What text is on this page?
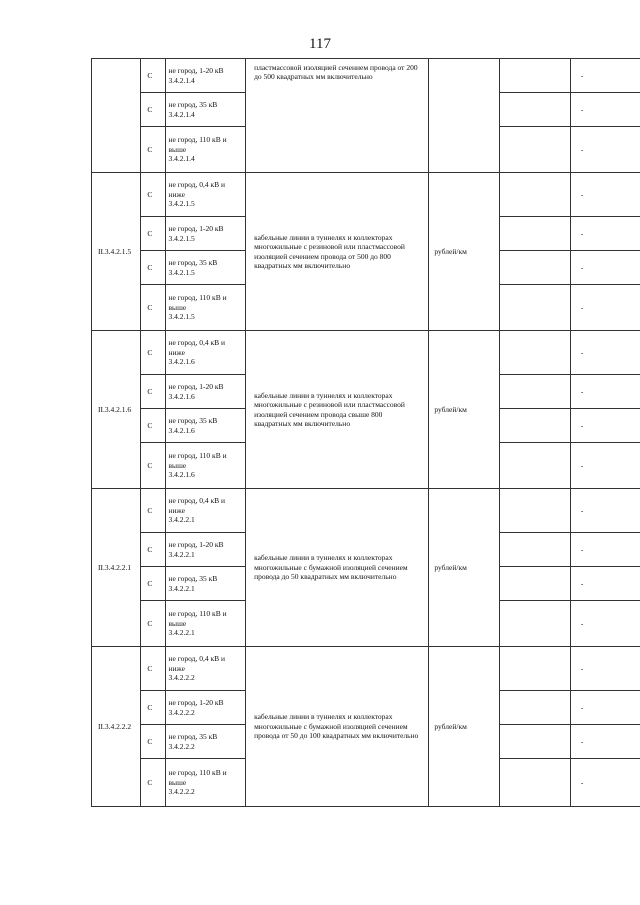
117
	С	не город, 1-20 кВ
3.4.2.1.4	пластмассовой изоляцией сечением провода от 200 до 500 квадратных мм включительно		-
	С	не город, 35 кВ
3.4.2.1.4			-
	С	не город, 110 кВ и
выше
3.4.2.1.4			-
II.3.4.2.1.5	С	не город, 0,4 кВ и
ниже
3.4.2.1.5	кабельные линии в туннелях и коллекторах многожильные с резиновой или пластмассовой изоляцией сечением провода от 500 до 800 квадратных мм включительно	рублей/км	-
	С	не город, 1-20 кВ
3.4.2.1.5			-
	С	не город, 35 кВ
3.4.2.1.5			-
	С	не город, 110 кВ и
выше
3.4.2.1.5			-
II.3.4.2.1.6	С	не город, 0,4 кВ и
ниже
3.4.2.1.6	кабельные линии в туннелях и коллекторах многожильные с резиновой или пластмассовой изоляцией сечением провода свыше 800 квадратных мм включительно	рублей/км	-
	С	не город, 1-20 кВ
3.4.2.1.6			-
	С	не город, 35 кВ
3.4.2.1.6			-
	С	не город, 110 кВ и
выше
3.4.2.1.6			-
II.3.4.2.2.1	С	не город, 0,4 кВ и
ниже
3.4.2.2.1	кабельные линии в туннелях и коллекторах многожильные с бумажной изоляцией сечением провода до 50 квадратных мм включительно	рублей/км	-
	С	не город, 1-20 кВ
3.4.2.2.1			-
	С	не город, 35 кВ
3.4.2.2.1			-
	С	не город, 110 кВ и
выше
3.4.2.2.1			-
II.3.4.2.2.2	С	не город, 0,4 кВ и
ниже
3.4.2.2.2	кабельные линии в туннелях и коллекторах многожильные с бумажной изоляцией сечением провода от 50 до 100 квадратных мм включительно	рублей/км	-
	С	не город, 1-20 кВ
3.4.2.2.2			-
	С	не город, 35 кВ
3.4.2.2.2			-
	С	не город, 110 кВ и
выше
3.4.2.2.2			-
